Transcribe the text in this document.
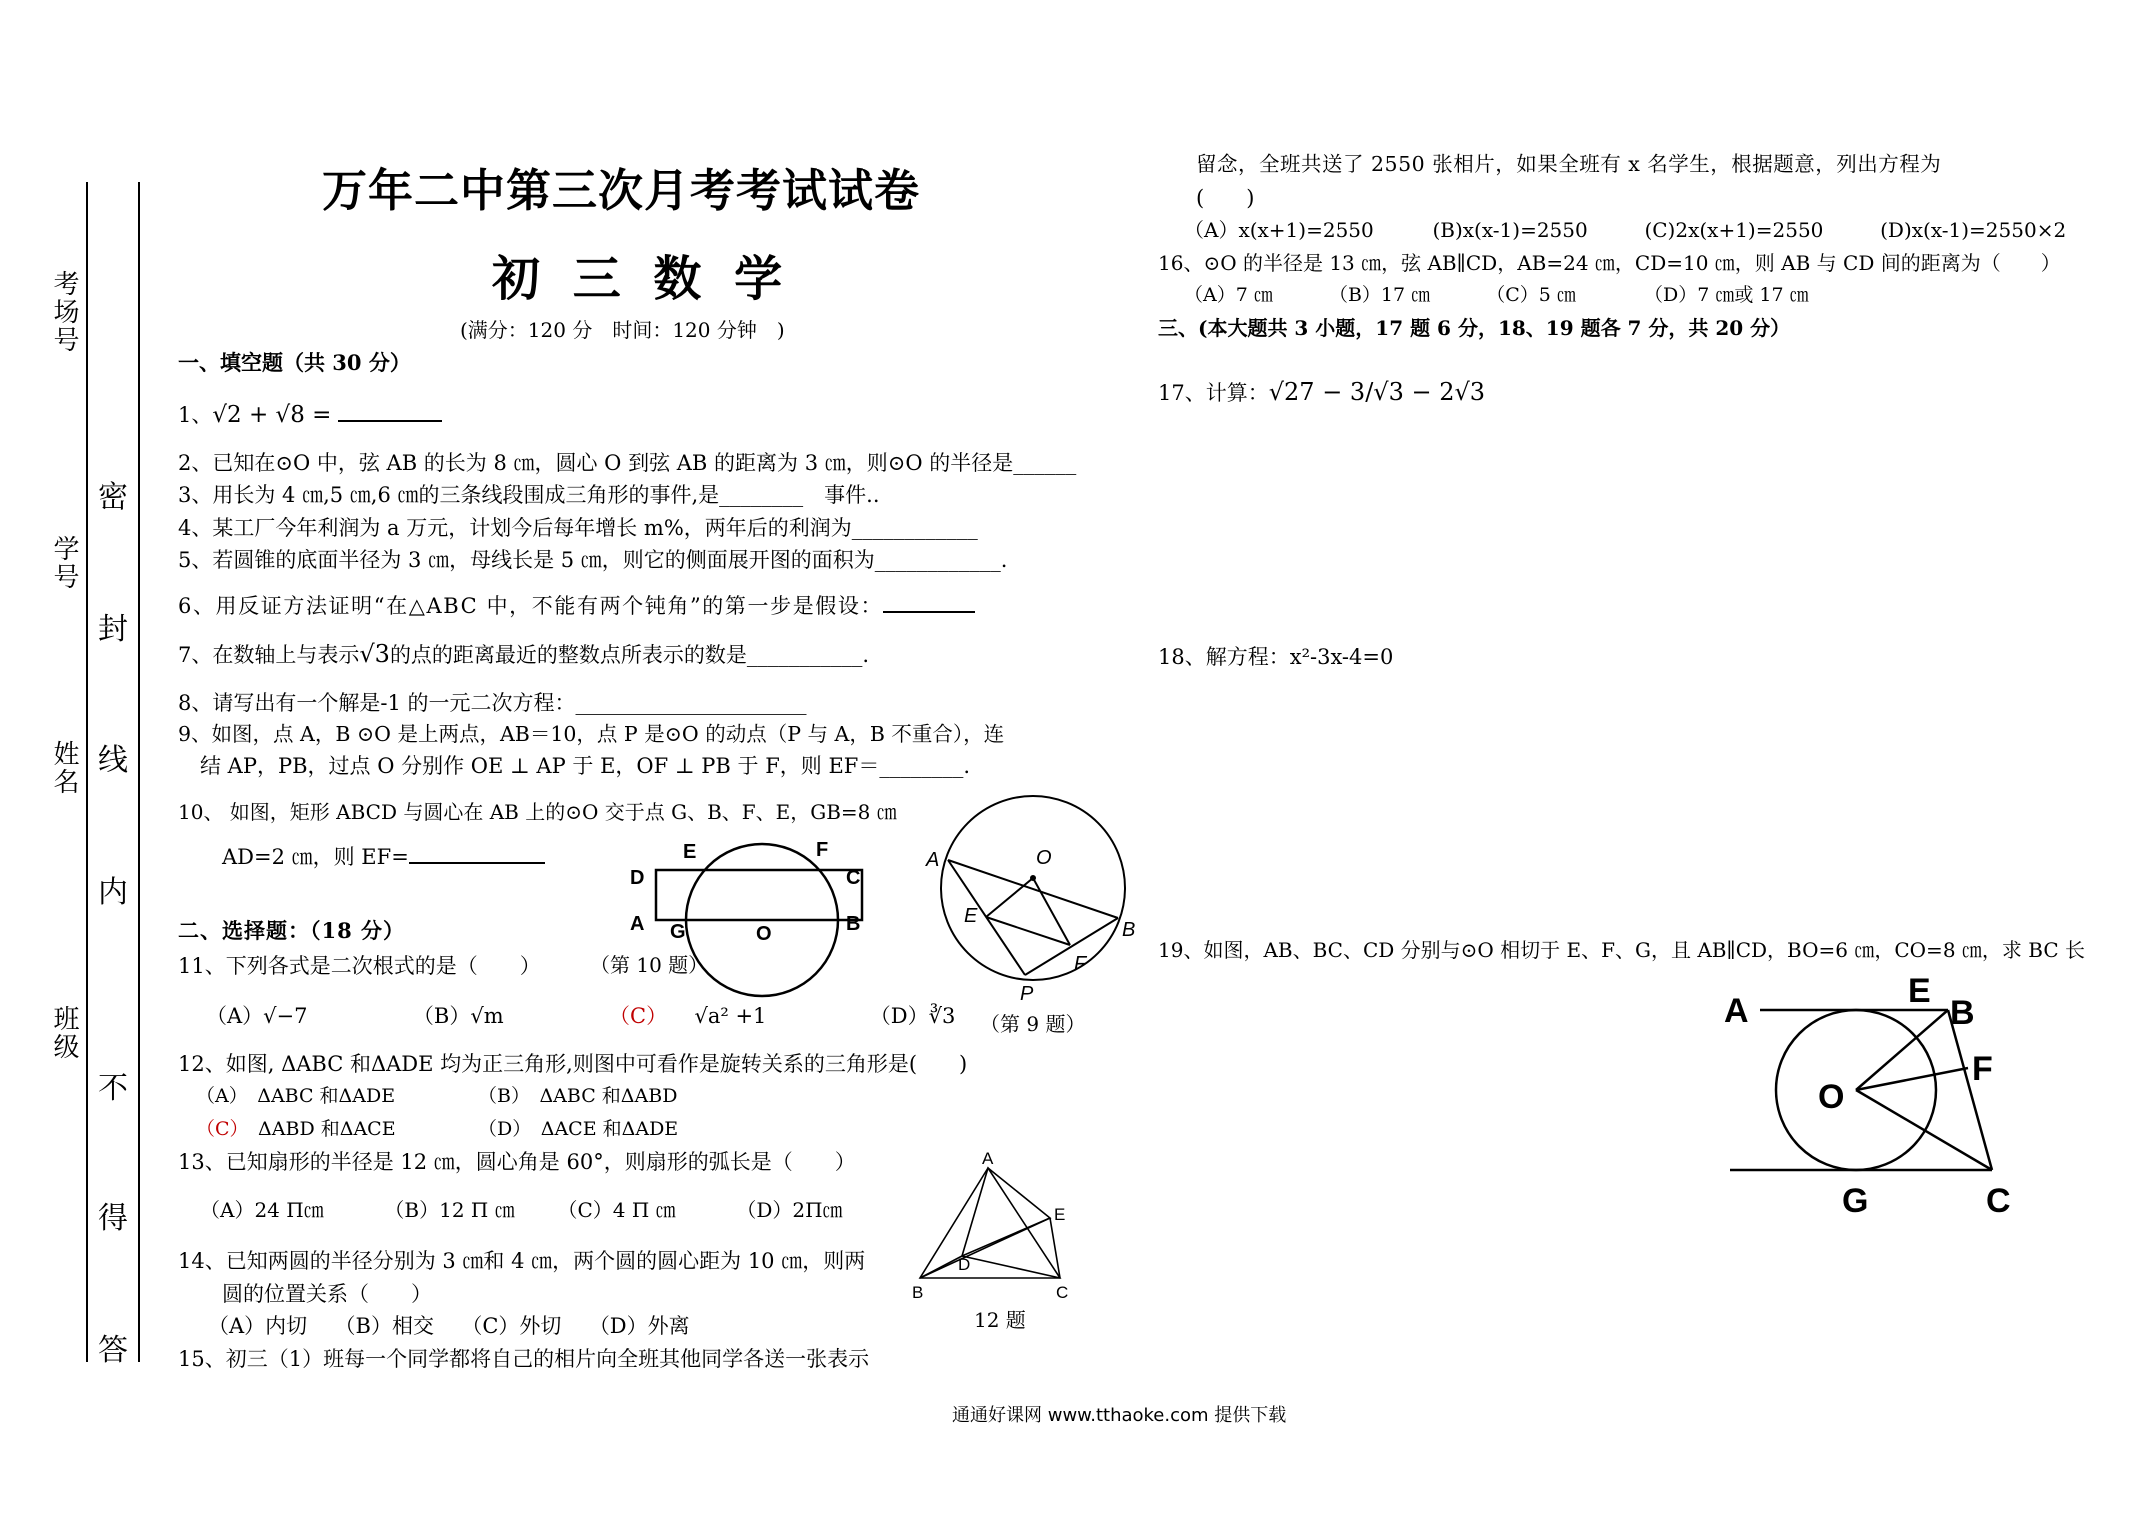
考场号
学号
姓名
班级
密
封
线
内
不
得
答
万年二中第三次月考考试试卷
初 三 数 学
(满分：120 分　时间：120 分钟　)
一、填空题（共 30 分）
1、√2 + √8 =
2、已知在⊙O 中，弦 AB 的长为 8 ㎝，圆心 O 到弦 AB 的距离为 3 ㎝，则⊙O 的半径是______
3、用长为 4 ㎝,5 ㎝,6 ㎝的三条线段围成三角形的事件,是________　事件..
4、某工厂今年利润为 a 万元，计划今后每年增长 m%，两年后的利润为____________
5、若圆锥的底面半径为 3 ㎝，母线长是 5 ㎝，则它的侧面展开图的面积为____________.
6、用反证方法证明“在△ABC 中，不能有两个钝角”的第一步是假设：
7、在数轴上与表示√3的点的距离最近的整数点所表示的数是___________.
8、请写出有一个解是-1 的一元二次方程：______________________
9、如图，点 A，B ⊙O 是上两点，AB＝10，点 P 是⊙O 的动点（P 与 A，B 不重合），连
结 AP，PB，过点 O 分别作 OE ⊥ AP 于 E，OF ⊥ PB 于 F，则 EF＝________.
10、 如图，矩形 ABCD 与圆心在 AB 上的⊙O 交于点 G、B、F、E，GB=8 ㎝
AD=2 ㎝，则 EF=
D
A
E	F
C
B
G	O
（第 10 题）
A	O
E
B
F
P
（第 9 题）
二、选择题：（18 分）
11、下列各式是二次根式的是（　　）
（A）√−7	（B）√m	（C） √a² +1	（D）∛3
12、如图, ΔABC 和ΔADE 均为正三角形,则图中可看作是旋转关系的三角形是(　　)
（A）　ΔABC 和ΔADE	（B）　ΔABC 和ΔABD
（C）　ΔABD 和ΔACE	（D）　ΔACE 和ΔADE
13、已知扇形的半径是 12 ㎝，圆心角是 60°，则扇形的弧长是（　　）
（A）24 Π㎝	（B）12 Π ㎝ （C）4 Π ㎝	（D）2Π㎝
A
E
D
B	C
12 题
14、已知两圆的半径分别为 3 ㎝和 4 ㎝，两个圆的圆心距为 10 ㎝，则两
圆的位置关系（　　）
（A）内切 （B）相交 （C）外切 （D）外离
15、初三（1）班每一个同学都将自己的相片向全班其他同学各送一张表示
留念，全班共送了 2550 张相片，如果全班有 x 名学生，根据题意，列出方程为
(　　)
（A）x(x+1)=2550	(B)x(x-1)=2550	(C)2x(x+1)=2550	(D)x(x-1)=2550×2
16、⊙O 的半径是 13 ㎝，弦 AB∥CD，AB=24 ㎝，CD=10 ㎝，则 AB 与 CD 间的距离为（　　）
（A）7 ㎝	（B）17 ㎝	（C）5 ㎝	（D）7 ㎝或 17 ㎝
三、(本大题共 3 小题，17 题 6 分，18、19 题各 7 分，共 20 分）
17、计算：√27 − 3/√3 − 2√3
18、解方程：x²-3x-4=0
19、如图，AB、BC、CD 分别与⊙O 相切于 E、F、G，且 AB∥CD，BO=6 ㎝，CO=8 ㎝，求 BC 长
A
E
B
F
O
G	C
通通好课网 www.tthaoke.com 提供下载
